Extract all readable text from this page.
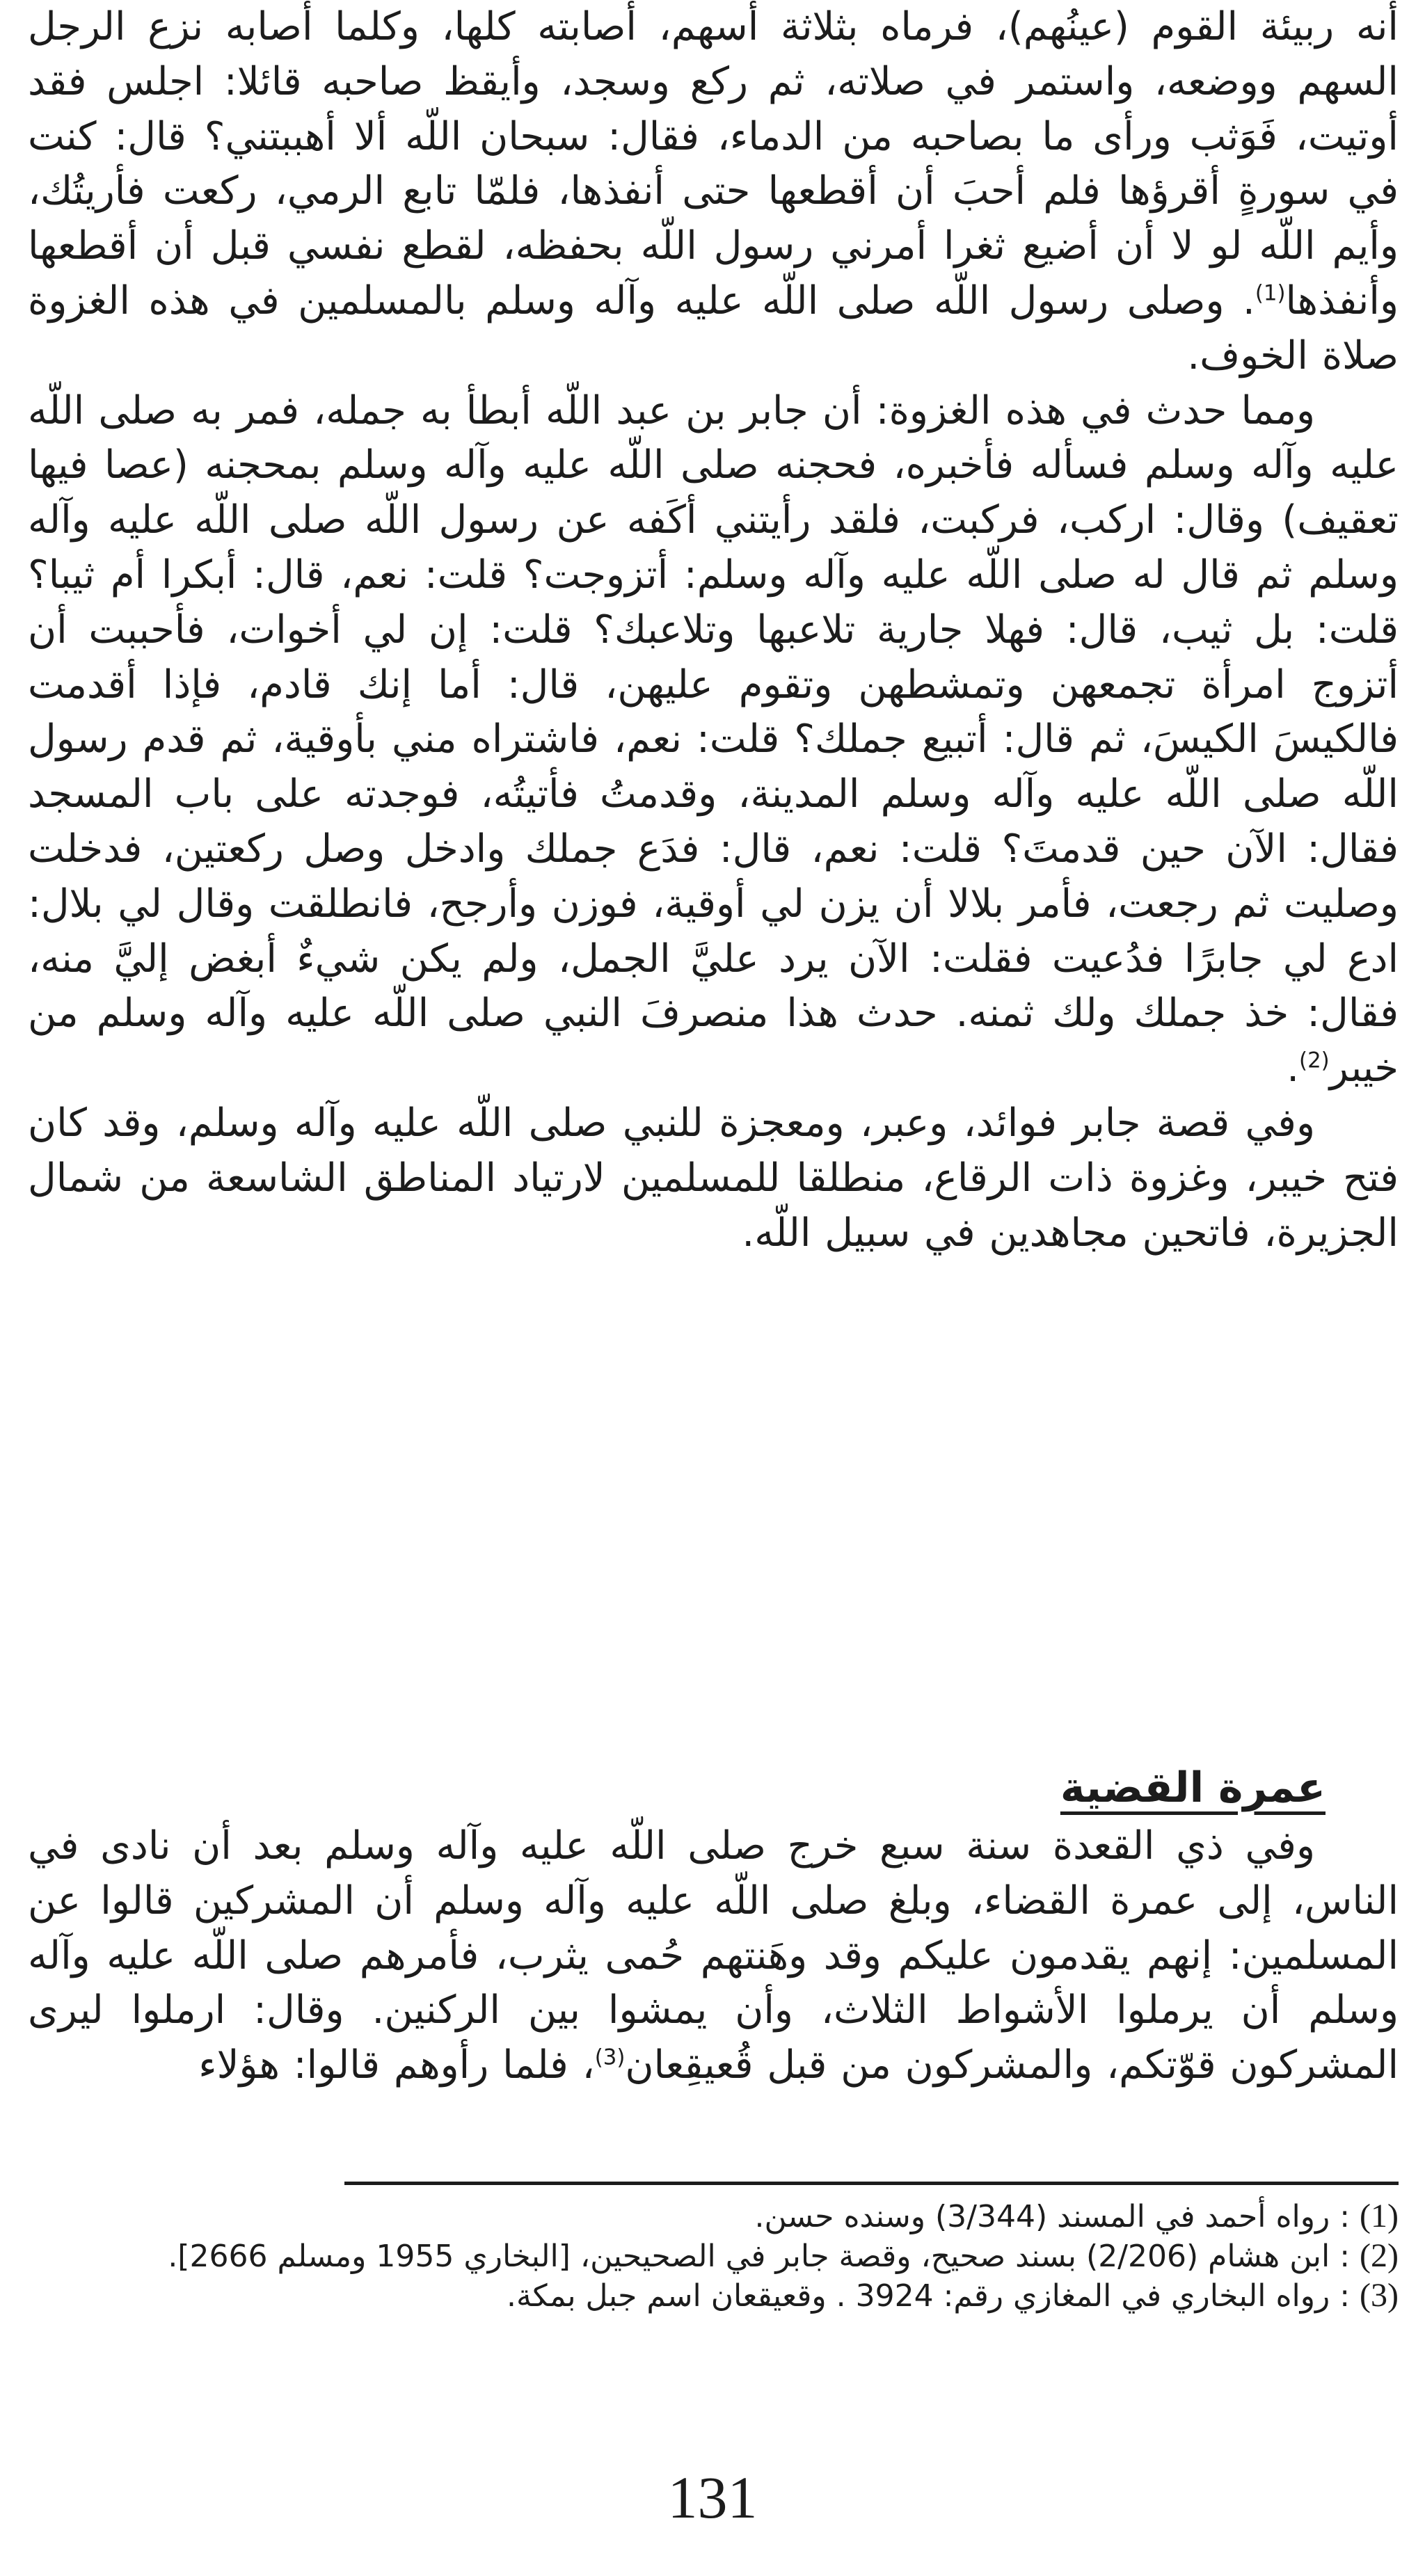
أنه ربيئة القوم (عينُهم)، فرماه بثلاثة أسهم، أصابته كلها، وكلما أصابه نزع الرجل السهم ووضعه، واستمر في صلاته، ثم ركع وسجد، وأيقظ صاحبه قائلا: اجلس فقد أوتيت، فَوَثب ورأى ما بصاحبه من الدماء، فقال: سبحان اللّه ألا أهببتني؟ قال: كنت في سورةٍ أقرؤها فلم أحبَ أن أقطعها حتى أنفذها، فلمّا تابع الرمي، ركعت فأريتُك، وأيم اللّه لو لا أن أضيع ثغرا أمرني رسول اللّه بحفظه، لقطع نفسي قبل أن أقطعها وأنفذها$^{(1)}$. وصلى رسول اللّه صلى اللّه عليه وآله وسلم بالمسلمين في هذه الغزوة صلاة الخوف.

ومما حدث في هذه الغزوة: أن جابر بن عبد اللّه أبطأ به جمله، فمر به صلى اللّه عليه وآله وسلم فسأله فأخبره، فحجنه صلى اللّه عليه وآله وسلم بمحجنه (عصا فيها تعقيف) وقال: اركب، فركبت، فلقد رأيتني أكَفه عن رسول اللّه صلى اللّه عليه وآله وسلم ثم قال له صلى اللّه عليه وآله وسلم: أتزوجت؟ قلت: نعم، قال: أبكرا أم ثيبا؟ قلت: بل ثيب، قال: فهلا جارية تلاعبها وتلاعبك؟ قلت: إن لي أخوات، فأحببت أن أتزوج امرأة تجمعهن وتمشطهن وتقوم عليهن، قال: أما إنك قادم، فإذا أقدمت فالكيسَ الكيسَ، ثم قال: أتبيع جملك؟ قلت: نعم، فاشتراه مني بأوقية، ثم قدم رسول اللّه صلى اللّه عليه وآله وسلم المدينة، وقدمتُ فأتيتُه، فوجدته على باب المسجد فقال: الآن حين قدمتَ؟ قلت: نعم، قال: فدَع جملك وادخل وصل ركعتين، فدخلت وصليت ثم رجعت، فأمر بلالا أن يزن لي أوقية، فوزن وأرجح، فانطلقت وقال لي بلال: ادع لي جابرًا فدُعيت فقلت: الآن يرد عليَّ الجمل، ولم يكن شيءٌ أبغض إليَّ منه، فقال: خذ جملك ولك ثمنه. حدث هذا منصرفَ النبي صلى اللّه عليه وآله وسلم من خيبر$^{(2)}$.

وفي قصة جابر فوائد، وعبر، ومعجزة للنبي صلى اللّه عليه وآله وسلم، وقد كان فتح خيبر، وغزوة ذات الرقاع، منطلقا للمسلمين لارتياد المناطق الشاسعة من شمال الجزيرة، فاتحين مجاهدين في سبيل اللّه.

عمرة القضية

وفي ذي القعدة سنة سبع خرج صلى اللّه عليه وآله وسلم بعد أن نادى في الناس، إلى عمرة القضاء، وبلغ صلى اللّه عليه وآله وسلم أن المشركين قالوا عن المسلمين: إنهم يقدمون عليكم وقد وهَنتهم حُمى يثرب، فأمرهم صلى اللّه عليه وآله وسلم أن يرملوا الأشواط الثلاث، وأن يمشوا بين الركنين. وقال: ارملوا ليرى المشركون قوّتكم، والمشركون من قبل قُعيقِعان$^{(3)}$، فلما رأوهم قالوا: هؤلاء

(1) : رواه أحمد في المسند (3/344) وسنده حسن.

(2) : ابن هشام (2/206) بسند صحيح، وقصة جابر في الصحيحين، [البخاري 1955 ومسلم 2666].

(3) : رواه البخاري في المغازي رقم: 3924 . وقعيقعان اسم جبل بمكة.

131
